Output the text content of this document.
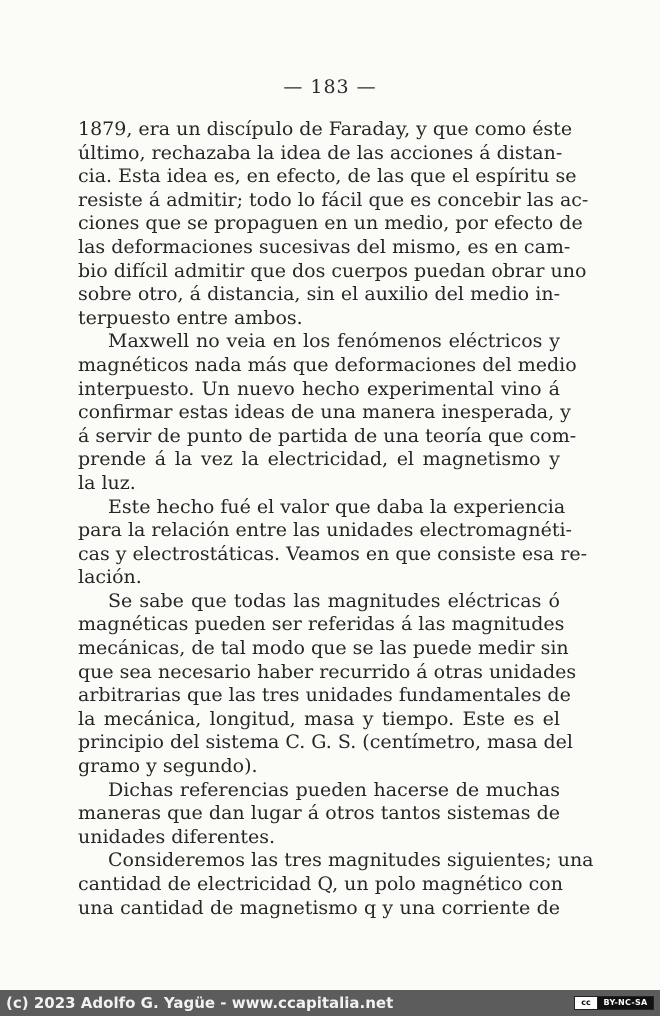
— 183 —
1879, era un discípulo de Faraday, y que como éste
último, rechazaba la idea de las acciones á distan-
cia. Esta idea es, en efecto, de las que el espíritu se
resiste á admitir; todo lo fácil que es concebir las ac-
ciones que se propaguen en un medio, por efecto de
las deformaciones sucesivas del mismo, es en cam-
bio difícil admitir que dos cuerpos puedan obrar uno
sobre otro, á distancia, sin el auxilio del medio in-
terpuesto entre ambos.
Maxwell no veia en los fenómenos eléctricos y
magnéticos nada más que deformaciones del medio
interpuesto. Un nuevo hecho experimental vino á
confirmar estas ideas de una manera inesperada, y
á servir de punto de partida de una teoría que com-
prende á la vez la electricidad, el magnetismo y
la luz.
Este hecho fué el valor que daba la experiencia
para la relación entre las unidades electromagnéti-
cas y electrostáticas. Veamos en que consiste esa re-
lación.
Se sabe que todas las magnitudes eléctricas ó
magnéticas pueden ser referidas á las magnitudes
mecánicas, de tal modo que se las puede medir sin
que sea necesario haber recurrido á otras unidades
arbitrarias que las tres unidades fundamentales de
la mecánica, longitud, masa y tiempo. Este es el
principio del sistema C. G. S. (centímetro, masa del
gramo y segundo).
Dichas referencias pueden hacerse de muchas
maneras que dan lugar á otros tantos sistemas de
unidades diferentes.
Consideremos las tres magnitudes siguientes; una
cantidad de electricidad Q, un polo magnético con
una cantidad de magnetismo q y una corriente de
(c) 2023 Adolfo G. Yagüe - www.ccapitalia.net	cc	BY-NC-SA
